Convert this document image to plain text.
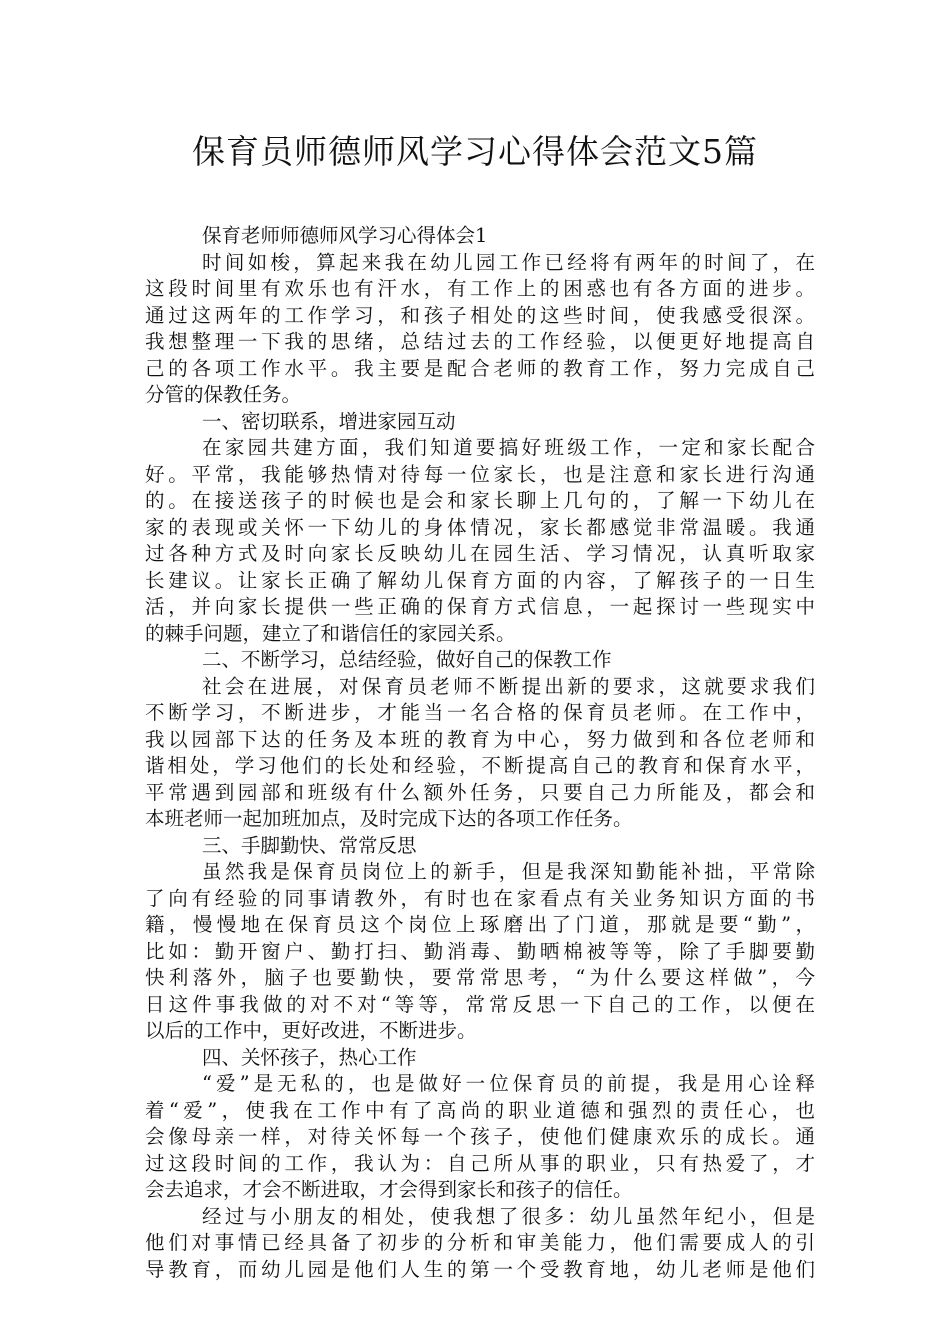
保育员师德师风学习心得体会范文5篇
保育老师师德师风学习心得体会1
时间如梭，算起来我在幼儿园工作已经将有两年的时间了，在
这段时间里有欢乐也有汗水，有工作上的困惑也有各方面的进步。
通过这两年的工作学习，和孩子相处的这些时间，使我感受很深。
我想整理一下我的思绪，总结过去的工作经验，以便更好地提高自
己的各项工作水平。我主要是配合老师的教育工作，努力完成自己
分管的保教任务。
一、密切联系，增进家园互动
在家园共建方面，我们知道要搞好班级工作，一定和家长配合
好。平常，我能够热情对待每一位家长，也是注意和家长进行沟通
的。在接送孩子的时候也是会和家长聊上几句的，了解一下幼儿在
家的表现或关怀一下幼儿的身体情况，家长都感觉非常温暖。我通
过各种方式及时向家长反映幼儿在园生活、学习情况，认真听取家
长建议。让家长正确了解幼儿保育方面的内容，了解孩子的一日生
活，并向家长提供一些正确的保育方式信息，一起探讨一些现实中
的棘手问题，建立了和谐信任的家园关系。
二、不断学习，总结经验，做好自己的保教工作
社会在进展，对保育员老师不断提出新的要求，这就要求我们
不断学习，不断进步，才能当一名合格的保育员老师。在工作中，
我以园部下达的任务及本班的教育为中心，努力做到和各位老师和
谐相处，学习他们的长处和经验，不断提高自己的教育和保育水平，
平常遇到园部和班级有什么额外任务，只要自己力所能及，都会和
本班老师一起加班加点，及时完成下达的各项工作任务。
三、手脚勤快、常常反思
虽然我是保育员岗位上的新手，但是我深知勤能补拙，平常除
了向有经验的同事请教外，有时也在家看点有关业务知识方面的书
籍，慢慢地在保育员这个岗位上琢磨出了门道，那就是要“勤”，
比如：勤开窗户、勤打扫、勤消毒、勤晒棉被等等，除了手脚要勤
快利落外，脑子也要勤快，要常常思考，“为什么要这样做”，今
日这件事我做的对不对“等等，常常反思一下自己的工作，以便在
以后的工作中，更好改进，不断进步。
四、关怀孩子，热心工作
“爱”是无私的，也是做好一位保育员的前提，我是用心诠释
着“爱”，使我在工作中有了高尚的职业道德和强烈的责任心，也
会像母亲一样，对待关怀每一个孩子，使他们健康欢乐的成长。通
过这段时间的工作，我认为：自己所从事的职业，只有热爱了，才
会去追求，才会不断进取，才会得到家长和孩子的信任。
经过与小朋友的相处，使我想了很多：幼儿虽然年纪小，但是
他们对事情已经具备了初步的分析和审美能力，他们需要成人的引
导教育，而幼儿园是他们人生的第一个受教育地，幼儿老师是他们
